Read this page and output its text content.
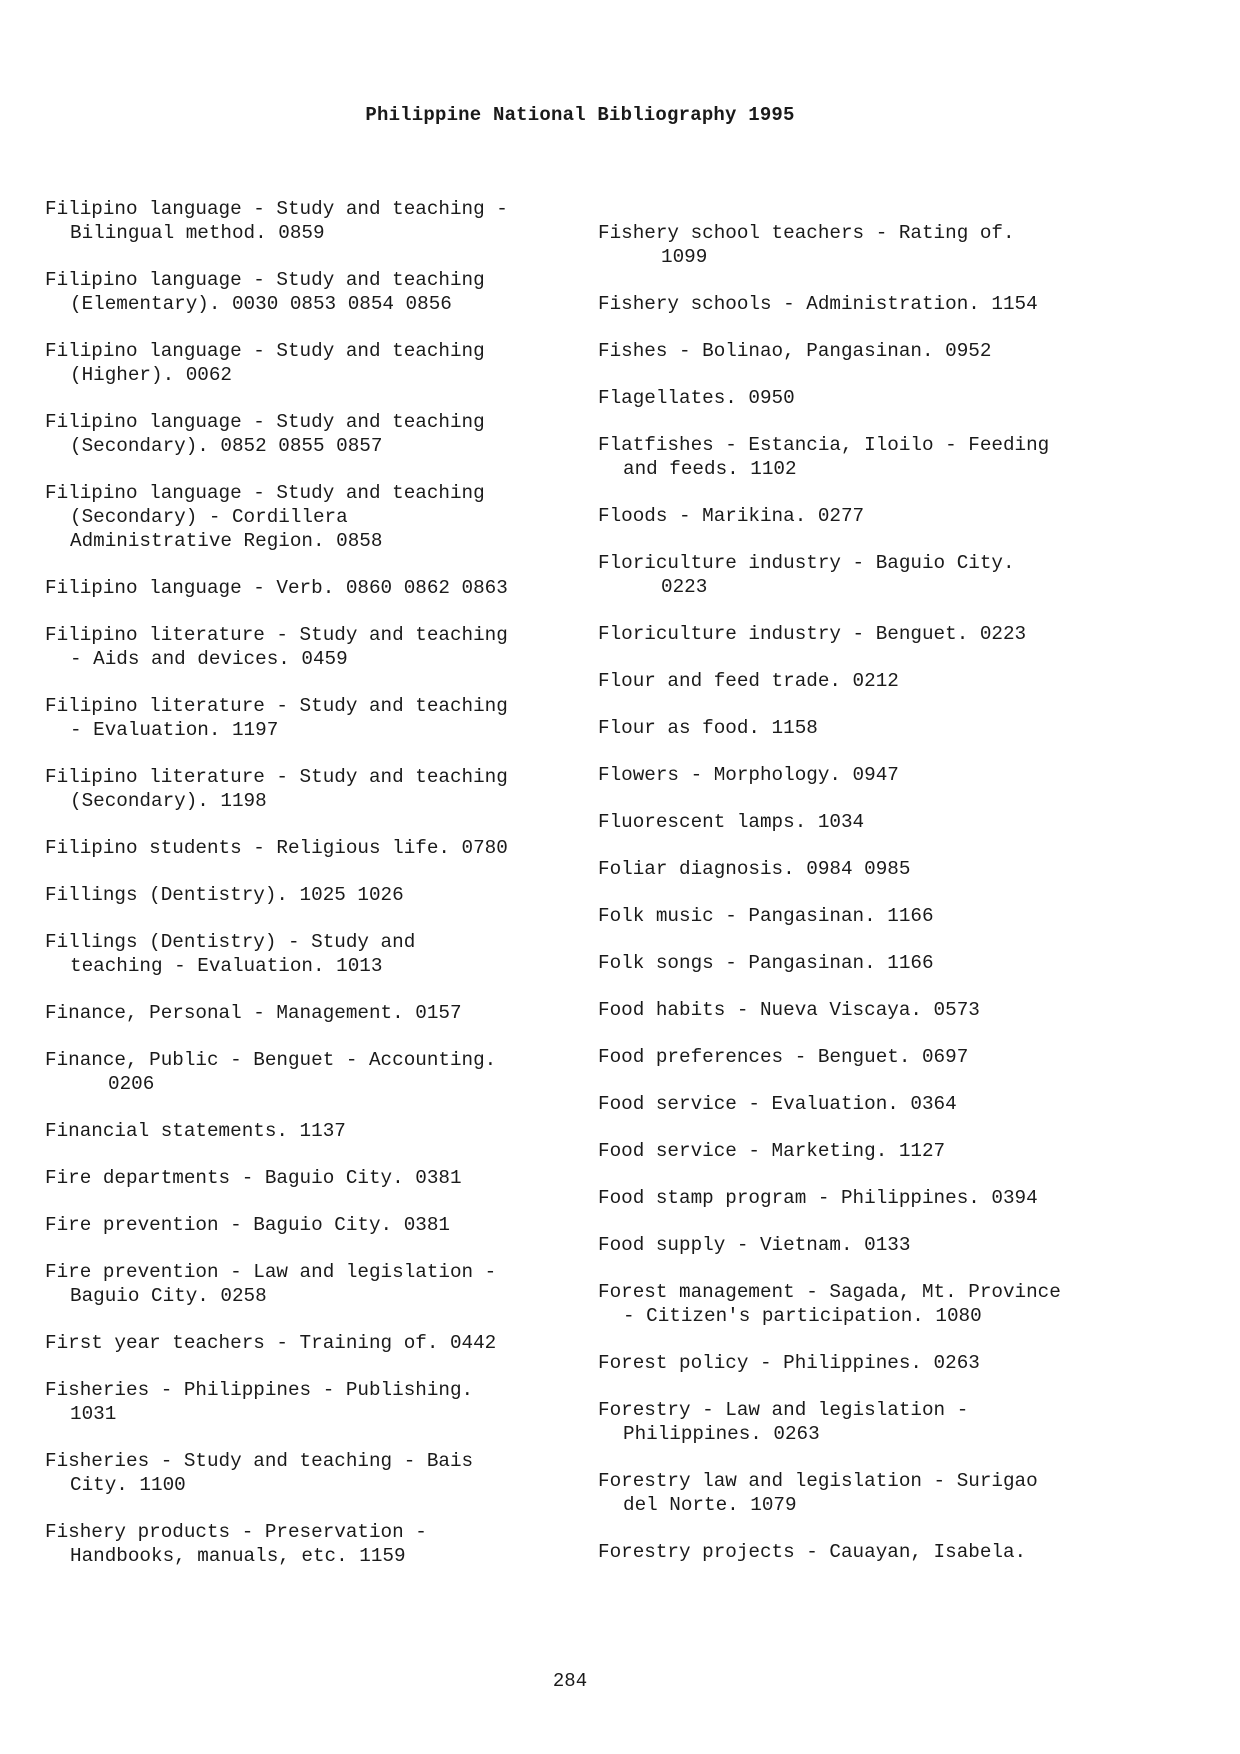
Philippine National Bibliography 1995
Filipino language - Study and teaching -
Bilingual method. 0859
Filipino language - Study and teaching
(Elementary). 0030 0853 0854 0856
Filipino language - Study and teaching
(Higher). 0062
Filipino language - Study and teaching
(Secondary). 0852 0855 0857
Filipino language - Study and teaching
(Secondary) - Cordillera
Administrative Region. 0858
Filipino language - Verb. 0860 0862 0863
Filipino literature - Study and teaching
- Aids and devices. 0459
Filipino literature - Study and teaching
- Evaluation. 1197
Filipino literature - Study and teaching
(Secondary). 1198
Filipino students - Religious life. 0780
Fillings (Dentistry). 1025 1026
Fillings (Dentistry) - Study and
teaching - Evaluation. 1013
Finance, Personal - Management. 0157
Finance, Public - Benguet - Accounting.
0206
Financial statements. 1137
Fire departments - Baguio City. 0381
Fire prevention - Baguio City. 0381
Fire prevention - Law and legislation -
Baguio City. 0258
First year teachers - Training of. 0442
Fisheries - Philippines - Publishing.
1031
Fisheries - Study and teaching - Bais
City. 1100
Fishery products - Preservation -
Handbooks, manuals, etc. 1159
Fishery school teachers - Rating of.
1099
Fishery schools - Administration. 1154
Fishes - Bolinao, Pangasinan. 0952
Flagellates. 0950
Flatfishes - Estancia, Iloilo - Feeding
and feeds. 1102
Floods - Marikina. 0277
Floriculture industry - Baguio City.
0223
Floriculture industry - Benguet. 0223
Flour and feed trade. 0212
Flour as food. 1158
Flowers - Morphology. 0947
Fluorescent lamps. 1034
Foliar diagnosis. 0984 0985
Folk music - Pangasinan. 1166
Folk songs - Pangasinan. 1166
Food habits - Nueva Viscaya. 0573
Food preferences - Benguet. 0697
Food service - Evaluation. 0364
Food service - Marketing. 1127
Food stamp program - Philippines. 0394
Food supply - Vietnam. 0133
Forest management - Sagada, Mt. Province
- Citizen's participation. 1080
Forest policy - Philippines. 0263
Forestry - Law and legislation -
Philippines. 0263
Forestry law and legislation - Surigao
del Norte. 1079
Forestry projects - Cauayan, Isabela.
284
